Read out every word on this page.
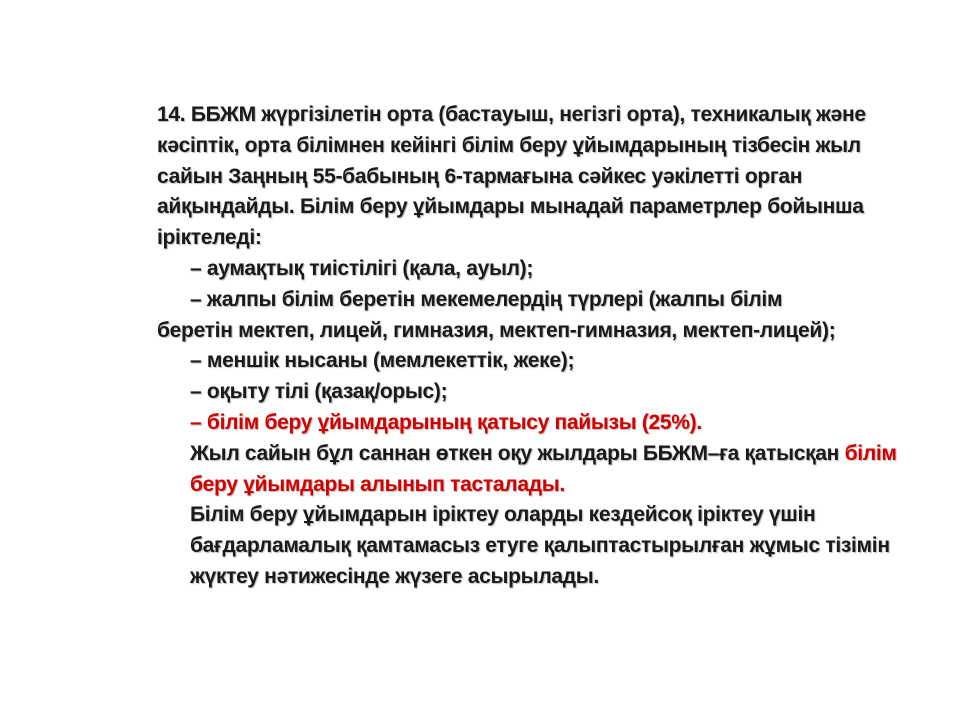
14. ББЖМ жүргізілетін орта (бастауыш, негізгі орта), техникалық және кәсіптік, орта білімнен кейінгі білім беру ұйымдарының тізбесін жыл сайын Заңның 55-бабының 6-тармағына сәйкес уәкілетті орган айқындайды. Білім беру ұйымдары мынадай параметрлер бойынша іріктеледі:

– аумақтық тиістілігі (қала, ауыл);

– жалпы білім беретін мекемелердің түрлері (жалпы білім

беретін мектеп, лицей, гимназия, мектеп-гимназия, мектеп-лицей);

– меншік нысаны (мемлекеттік, жеке);

– оқыту тілі (қазақ/орыс);

– білім беру ұйымдарының қатысу пайызы (25%).

Жыл сайын бұл саннан өткен оқу жылдары ББЖМ–ға қатысқан білім беру ұйымдары алынып тасталады.

Білім беру ұйымдарын іріктеу оларды кездейсоқ іріктеу үшін бағдарламалық қамтамасыз етуге қалыптастырылған жұмыс тізімін жүктеу нәтижесінде жүзеге асырылады.
